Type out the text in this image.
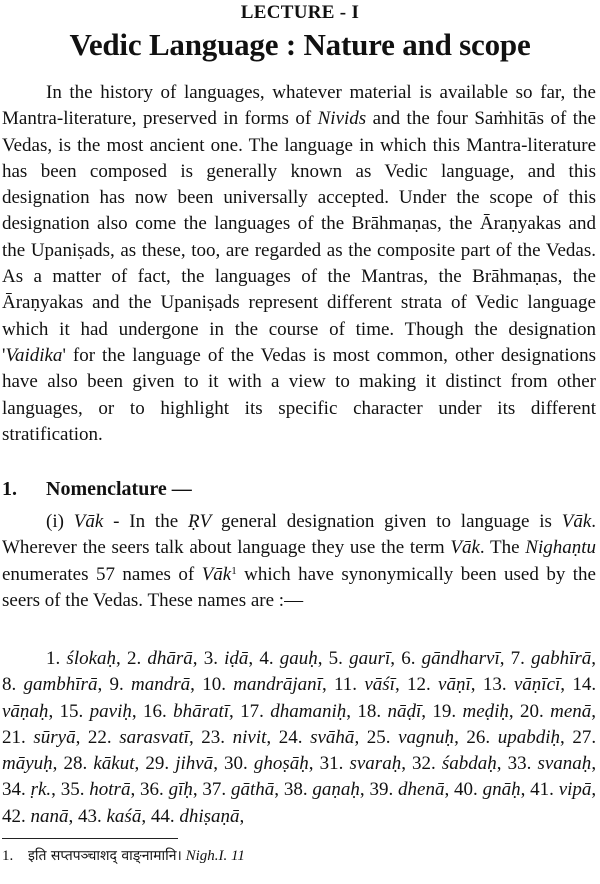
LECTURE - I
Vedic Language : Nature and scope

In the history of languages, whatever material is available so far, the Mantra-literature, preserved in forms of Nivids and the four Saṁhitās of the Vedas, is the most ancient one. The language in which this Mantra-literature has been composed is generally known as Vedic language, and this designation has now been universally accepted. Under the scope of this designation also come the languages of the Brāhmaṇas, the Āraṇyakas and the Upaniṣads, as these, too, are regarded as the composite part of the Vedas. As a matter of fact, the languages of the Mantras, the Brāhmaṇas, the Āraṇyakas and the Upaniṣads represent different strata of Vedic language which it had undergone in the course of time. Though the designation 'Vaidika' for the language of the Vedas is most common, other designations have also been given to it with a view to making it distinct from other languages, or to highlight its specific character under its different stratification.

1. Nomenclature —

(i) Vāk - In the ṚV general designation given to language is Vāk. Wherever the seers talk about language they use the term Vāk. The Nighaṇtu enumerates 57 names of Vāk$^1$ which have synonymically been used by the seers of the Vedas. These names are :—

1. ślokaḥ, 2. dhārā, 3. iḍā, 4. gauḥ, 5. gaurī, 6. gāndharvī, 7. gabhīrā, 8. gambhīrā, 9. mandrā, 10. mandrājanī, 11. vāśī, 12. vāṇī, 13. vāṇīcī, 14. vāṇaḥ, 15. paviḥ, 16. bhāratī, 17. dhamaniḥ, 18. nāḍī, 19. meḍiḥ, 20. menā, 21. sūryā, 22. sarasvatī, 23. nivit, 24. svāhā, 25. vagnuḥ, 26. upabdiḥ, 27. māyuḥ, 28. kākut, 29. jihvā, 30. ghoṣāḥ, 31. svaraḥ, 32. śabdaḥ, 33. svanaḥ, 34. ṛk., 35. hotrā, 36. gīḥ, 37. gāthā, 38. gaṇaḥ, 39. dhenā, 40. gnāḥ, 41. vipā, 42. nanā, 43. kaśā, 44. dhiṣaṇā,

1. इति सप्तपञ्चाशद् वाङ्नामानि। Nigh.I. 11
